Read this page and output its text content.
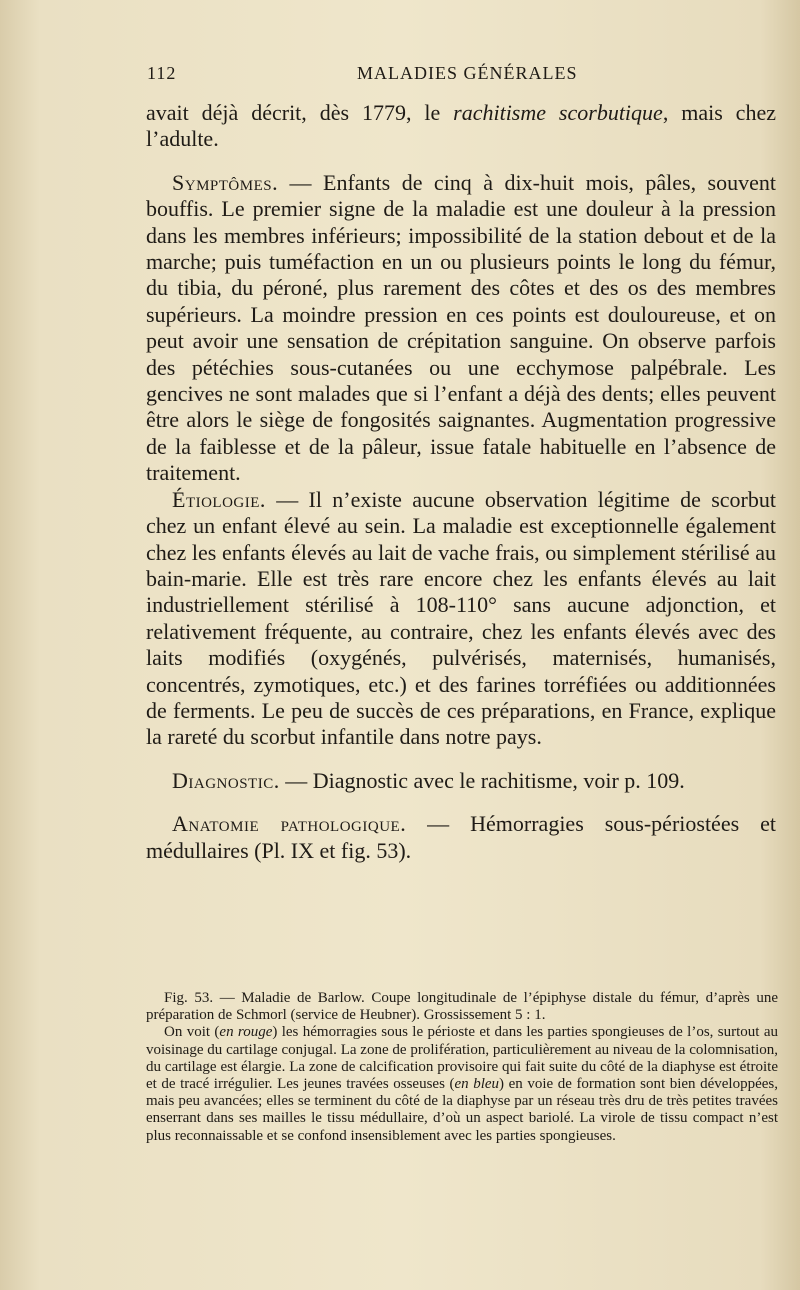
112	MALADIES GÉNÉRALES

avait déjà décrit, dès 1779, le rachitisme scorbutique, mais chez l’adulte.

Symptômes. — Enfants de cinq à dix-huit mois, pâles, souvent bouffis. Le premier signe de la maladie est une douleur à la pression dans les membres inférieurs; impossibilité de la station debout et de la marche; puis tuméfaction en un ou plusieurs points le long du fémur, du tibia, du péroné, plus rarement des côtes et des os des membres supérieurs. La moindre pression en ces points est douloureuse, et on peut avoir une sensation de crépitation sanguine. On observe parfois des pétéchies sous-cutanées ou une ecchymose palpébrale. Les gencives ne sont malades que si l’enfant a déjà des dents; elles peuvent être alors le siège de fongosités saignantes. Augmentation progressive de la faiblesse et de la pâleur, issue fatale habituelle en l’absence de traitement.

Étiologie. — Il n’existe aucune observation légitime de scorbut chez un enfant élevé au sein. La maladie est exceptionnelle également chez les enfants élevés au lait de vache frais, ou simplement stérilisé au bain-marie. Elle est très rare encore chez les enfants élevés au lait industriellement stérilisé à 108-110° sans aucune adjonction, et relativement fréquente, au contraire, chez les enfants élevés avec des laits modifiés (oxygénés, pulvérisés, maternisés, humanisés, concentrés, zymotiques, etc.) et des farines torréfiées ou additionnées de ferments. Le peu de succès de ces préparations, en France, explique la rareté du scorbut infantile dans notre pays.

Diagnostic. — Diagnostic avec le rachitisme, voir p. 109.

Anatomie pathologique. — Hémorragies sous-périostées et médullaires (Pl. IX et fig. 53).

Fig. 53. — Maladie de Barlow. Coupe longitudinale de l’épiphyse distale du fémur, d’après une préparation de Schmorl (service de Heubner). Grossissement 5 : 1.

On voit (en rouge) les hémorragies sous le périoste et dans les parties spongieuses de l’os, surtout au voisinage du cartilage conjugal. La zone de prolifération, particulièrement au niveau de la colomnisation, du cartilage est élargie. La zone de calcification provisoire qui fait suite du côté de la diaphyse est étroite et de tracé irrégulier. Les jeunes travées osseuses (en bleu) en voie de formation sont bien développées, mais peu avancées; elles se terminent du côté de la diaphyse par un réseau très dru de très petites travées enserrant dans ses mailles le tissu médullaire, d’où un aspect bariolé. La virole de tissu compact n’est plus reconnaissable et se confond insensiblement avec les parties spongieuses.
